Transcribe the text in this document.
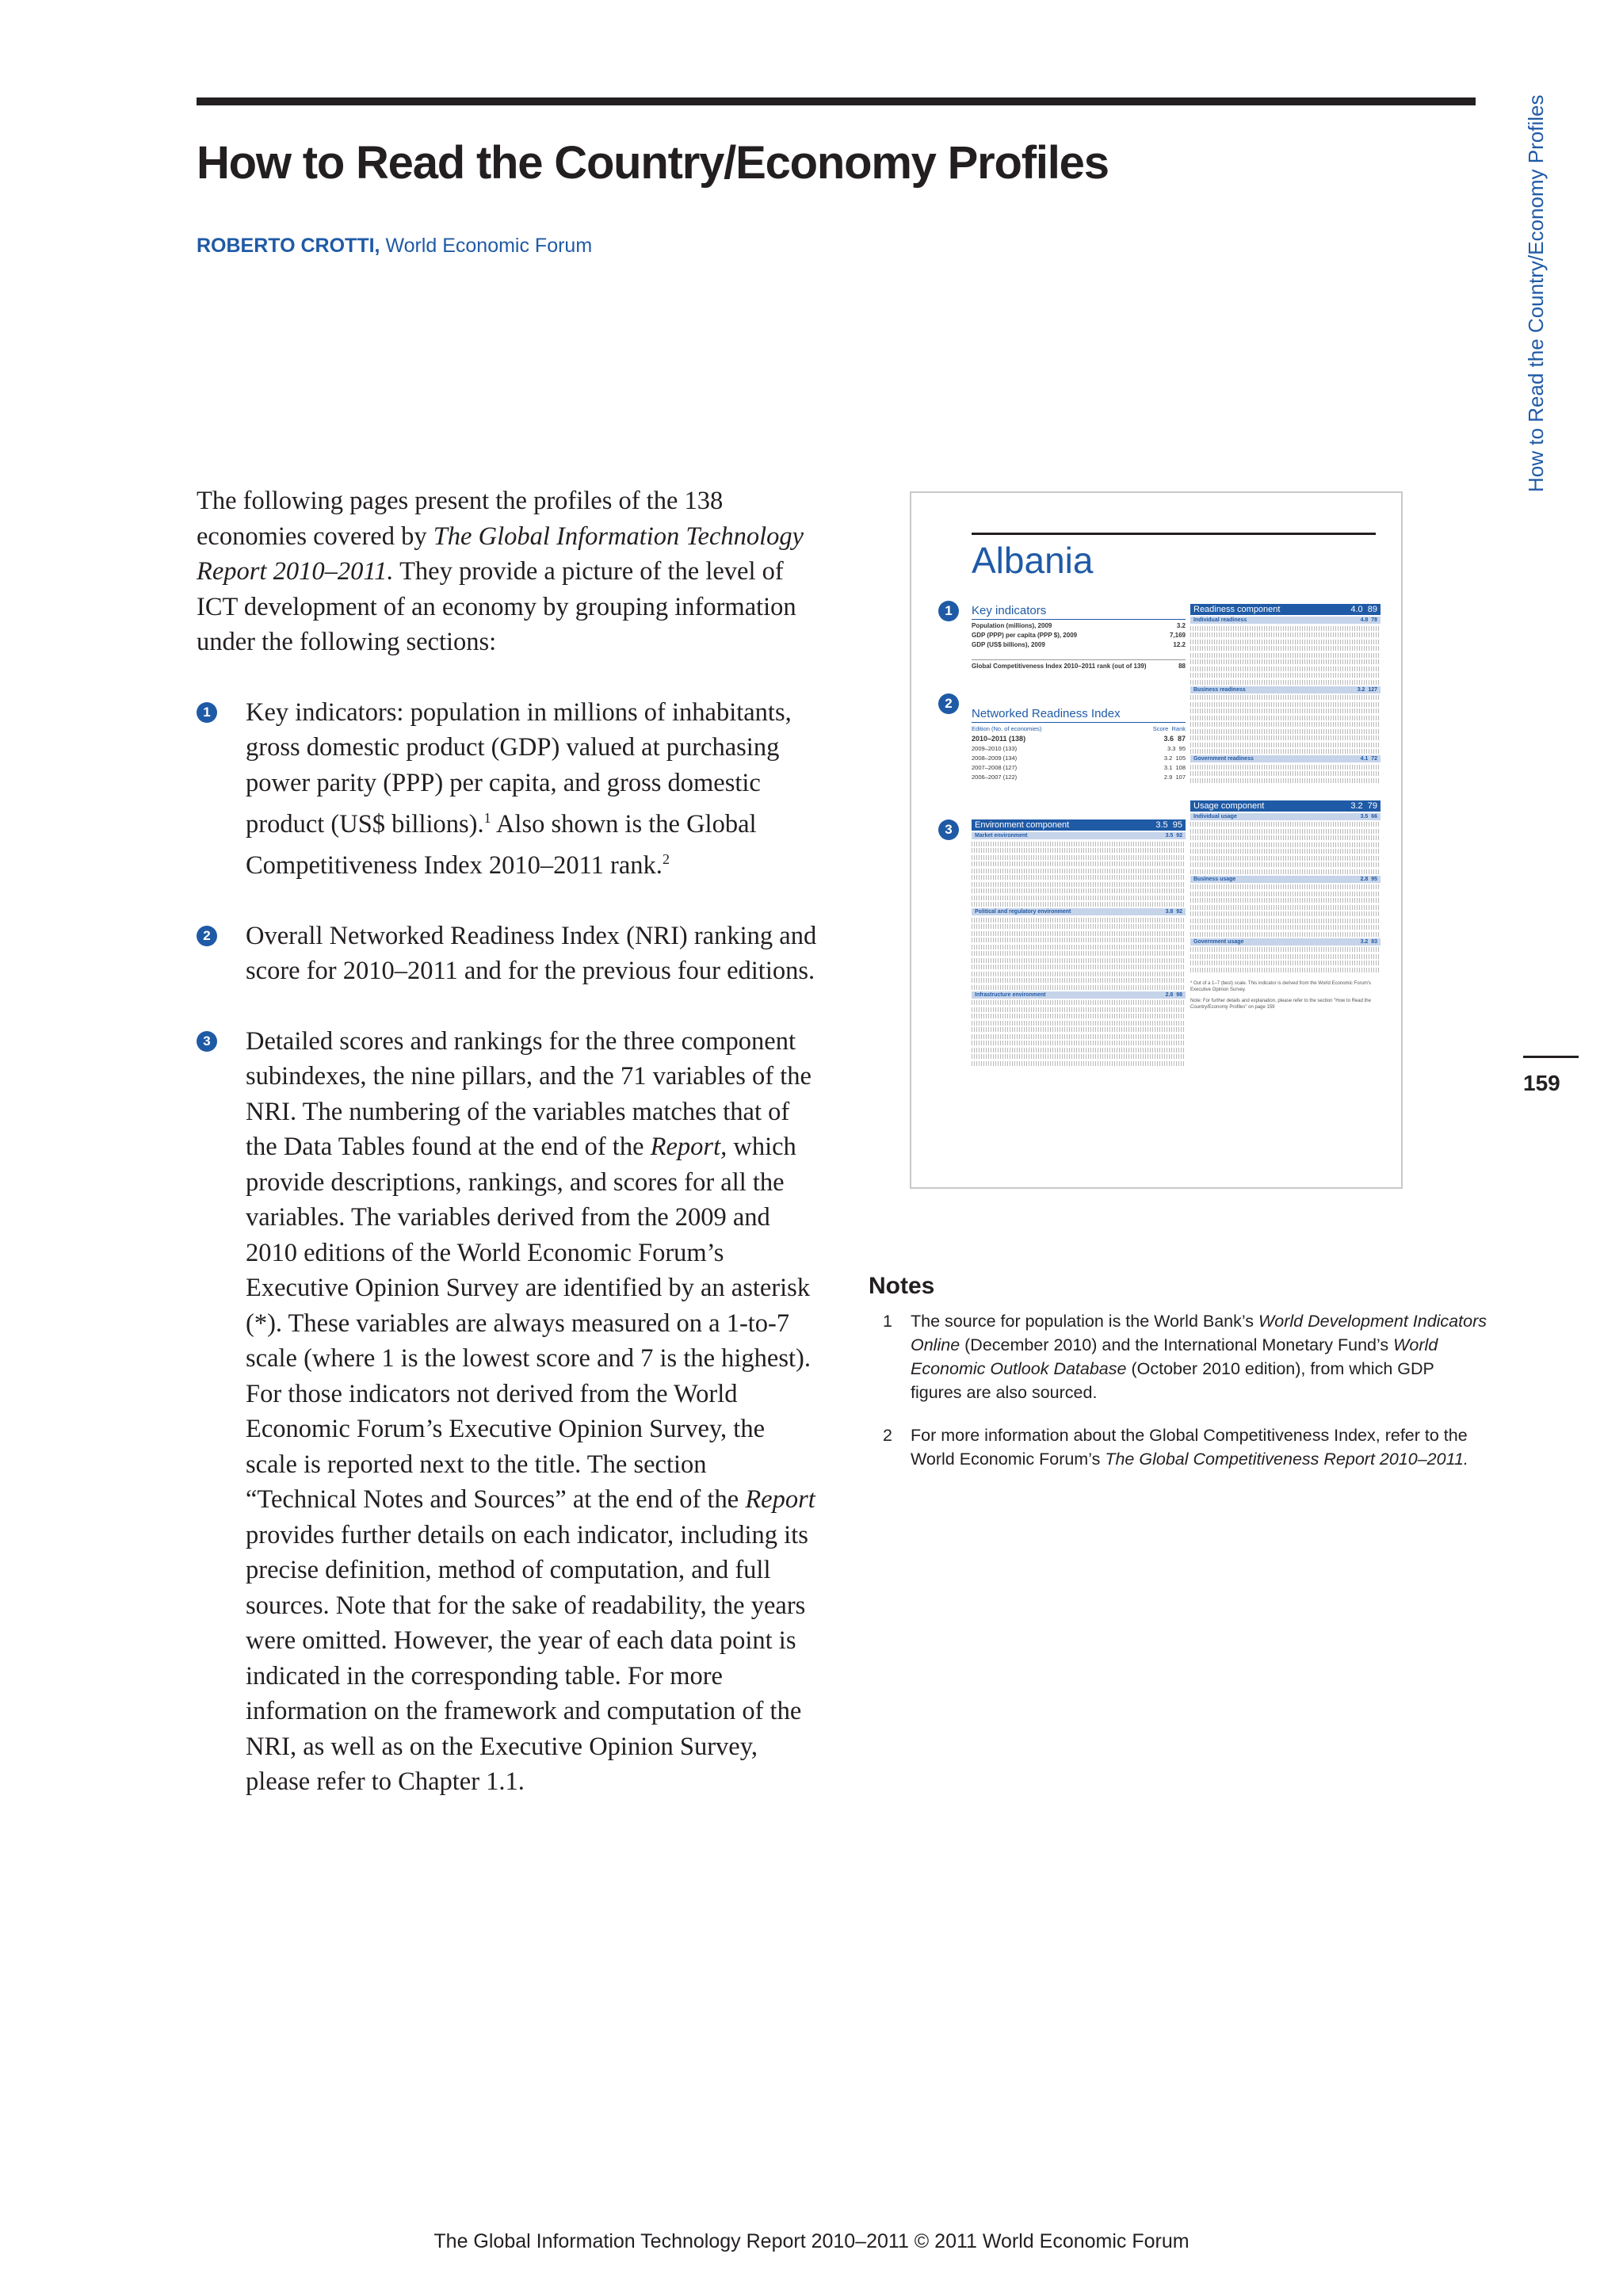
How to Read the Country/Economy Profiles
ROBERTO CROTTI, World Economic Forum	How to Read the Country/Economy Profiles
159

The following pages present the profiles of the 138 economies covered by The Global Information Technology Report 2010–2011. They provide a picture of the level of ICT development of an economy by grouping information under the following sections:

1 Key indicators: population in millions of inhabitants, gross domestic product (GDP) valued at purchasing power parity (PPP) per capita, and gross domestic product (US$ billions).$^1$ Also shown is the Global Competitiveness Index 2010–2011 rank.$^2$

2 Overall Networked Readiness Index (NRI) ranking and score for 2010–2011 and for the previous four editions.

3 Detailed scores and rankings for the three component subindexes, the nine pillars, and the 71 variables of the NRI. The numbering of the variables matches that of the Data Tables found at the end of the Report, which provide descriptions, rankings, and scores for all the variables. The variables derived from the 2009 and 2010 editions of the World Economic Forum’s Executive Opinion Survey are identified by an asterisk (*). These variables are always measured on a 1-to-7 scale (where 1 is the lowest score and 7 is the highest). For those indicators not derived from the World Economic Forum’s Executive Opinion Survey, the scale is reported next to the title. The section “Technical Notes and Sources” at the end of the Report provides further details on each indicator, including its precise definition, method of computation, and full sources. Note that for the sake of readability, the years were omitted. However, the year of each data point is indicated in the corresponding table. For more information on the framework and computation of the NRI, as well as on the Executive Opinion Survey, please refer to Chapter 1.1.

Albania
1
2
3
Key indicators
Population (millions), 2009	3.2
GDP (PPP) per capita (PPP $), 2009	7,169
GDP (US$ billions), 2009	12.2
Global Competitiveness Index 2010–2011 rank (out of 139)	88
Networked Readiness Index
Edition (No. of economies)	Score Rank
2010–2011 (138)	3.6 87
2009–2010 (133)	3.3 95
2008–2009 (134)	3.2 105
2007–2008 (127)	3.1 108
2006–2007 (122)	2.9 107
Environment component	3.5 95
Market environment	3.5 92
Political and regulatory environment	3.8 92
Infrastructure environment	2.8 98
Readiness component	4.0 89
Individual readiness	4.8 78
Business readiness	3.2 127
Government readiness	4.1 72
Usage component	3.2 79
Individual usage	3.5 66
Business usage	2.8 95
Government usage	3.2 83
* Out of a 1–7 (best) scale. This indicator is derived from the World Economic Forum's Executive Opinion Survey.
Note: For further details and explanation, please refer to the section "How to Read the Country/Economy Profiles" on page 159
Notes
1 The source for population is the World Bank’s World Development Indicators Online (December 2010) and the International Monetary Fund’s World Economic Outlook Database (October 2010 edition), from which GDP figures are also sourced.
2 For more information about the Global Competitiveness Index, refer to the World Economic Forum’s The Global Competitiveness Report 2010–2011.
The Global Information Technology Report 2010–2011 © 2011 World Economic Forum
